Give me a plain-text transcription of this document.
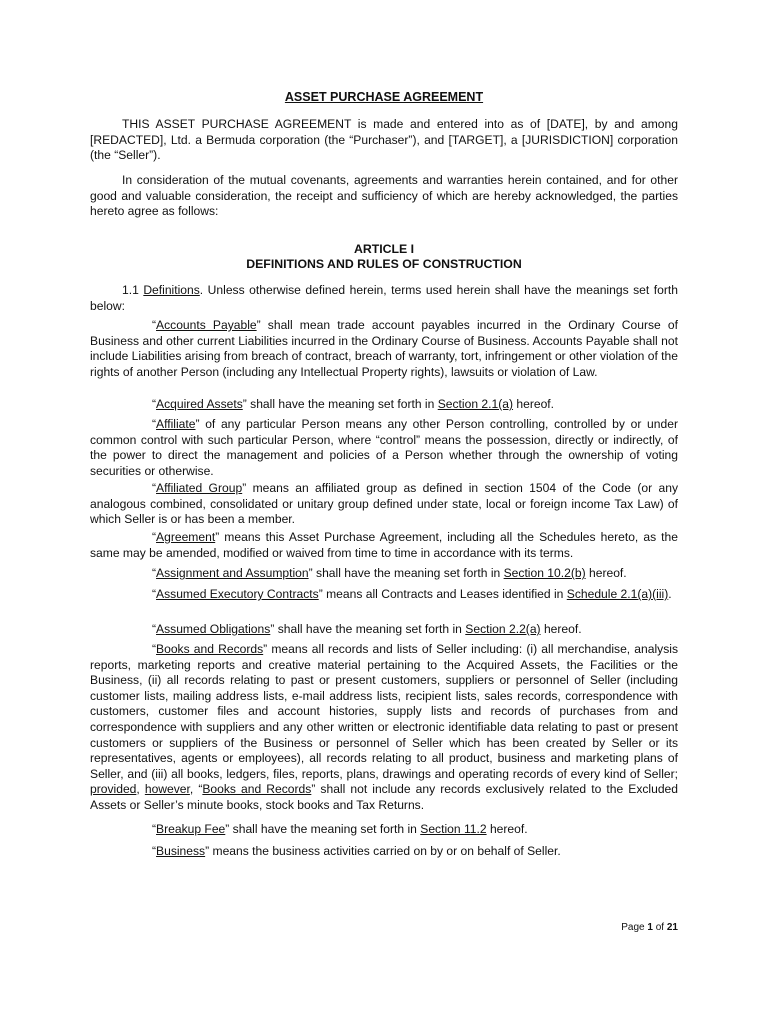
ASSET PURCHASE AGREEMENT

THIS ASSET PURCHASE AGREEMENT is made and entered into as of [DATE], by and among [REDACTED], Ltd. a Bermuda corporation (the “Purchaser”), and [TARGET], a [JURISDICTION] corporation (the “Seller”).

In consideration of the mutual covenants, agreements and warranties herein contained, and for other good and valuable consideration, the receipt and sufficiency of which are hereby acknowledged, the parties hereto agree as follows:

ARTICLE I
DEFINITIONS AND RULES OF CONSTRUCTION

1.1 Definitions. Unless otherwise defined herein, terms used herein shall have the meanings set forth below:

“Accounts Payable” shall mean trade account payables incurred in the Ordinary Course of Business and other current Liabilities incurred in the Ordinary Course of Business. Accounts Payable shall not include Liabilities arising from breach of contract, breach of warranty, tort, infringement or other violation of the rights of another Person (including any Intellectual Property rights), lawsuits or violation of Law.

“Acquired Assets” shall have the meaning set forth in Section 2.1(a) hereof.

“Affiliate” of any particular Person means any other Person controlling, controlled by or under common control with such particular Person, where “control” means the possession, directly or indirectly, of the power to direct the management and policies of a Person whether through the ownership of voting securities or otherwise.

“Affiliated Group” means an affiliated group as defined in section 1504 of the Code (or any analogous combined, consolidated or unitary group defined under state, local or foreign income Tax Law) of which Seller is or has been a member.

“Agreement” means this Asset Purchase Agreement, including all the Schedules hereto, as the same may be amended, modified or waived from time to time in accordance with its terms.

“Assignment and Assumption” shall have the meaning set forth in Section 10.2(b) hereof.

“Assumed Executory Contracts” means all Contracts and Leases identified in Schedule 2.1(a)(iii).

“Assumed Obligations” shall have the meaning set forth in Section 2.2(a) hereof.

“Books and Records” means all records and lists of Seller including: (i) all merchandise, analysis reports, marketing reports and creative material pertaining to the Acquired Assets, the Facilities or the Business, (ii) all records relating to past or present customers, suppliers or personnel of Seller (including customer lists, mailing address lists, e-mail address lists, recipient lists, sales records, correspondence with customers, customer files and account histories, supply lists and records of purchases from and correspondence with suppliers and any other written or electronic identifiable data relating to past or present customers or suppliers of the Business or personnel of Seller which has been created by Seller or its representatives, agents or employees), all records relating to all product, business and marketing plans of Seller, and (iii) all books, ledgers, files, reports, plans, drawings and operating records of every kind of Seller; provided, however, “Books and Records” shall not include any records exclusively related to the Excluded Assets or Seller’s minute books, stock books and Tax Returns.

“Breakup Fee” shall have the meaning set forth in Section 11.2 hereof.

“Business” means the business activities carried on by or on behalf of Seller.

Page 1 of 21
